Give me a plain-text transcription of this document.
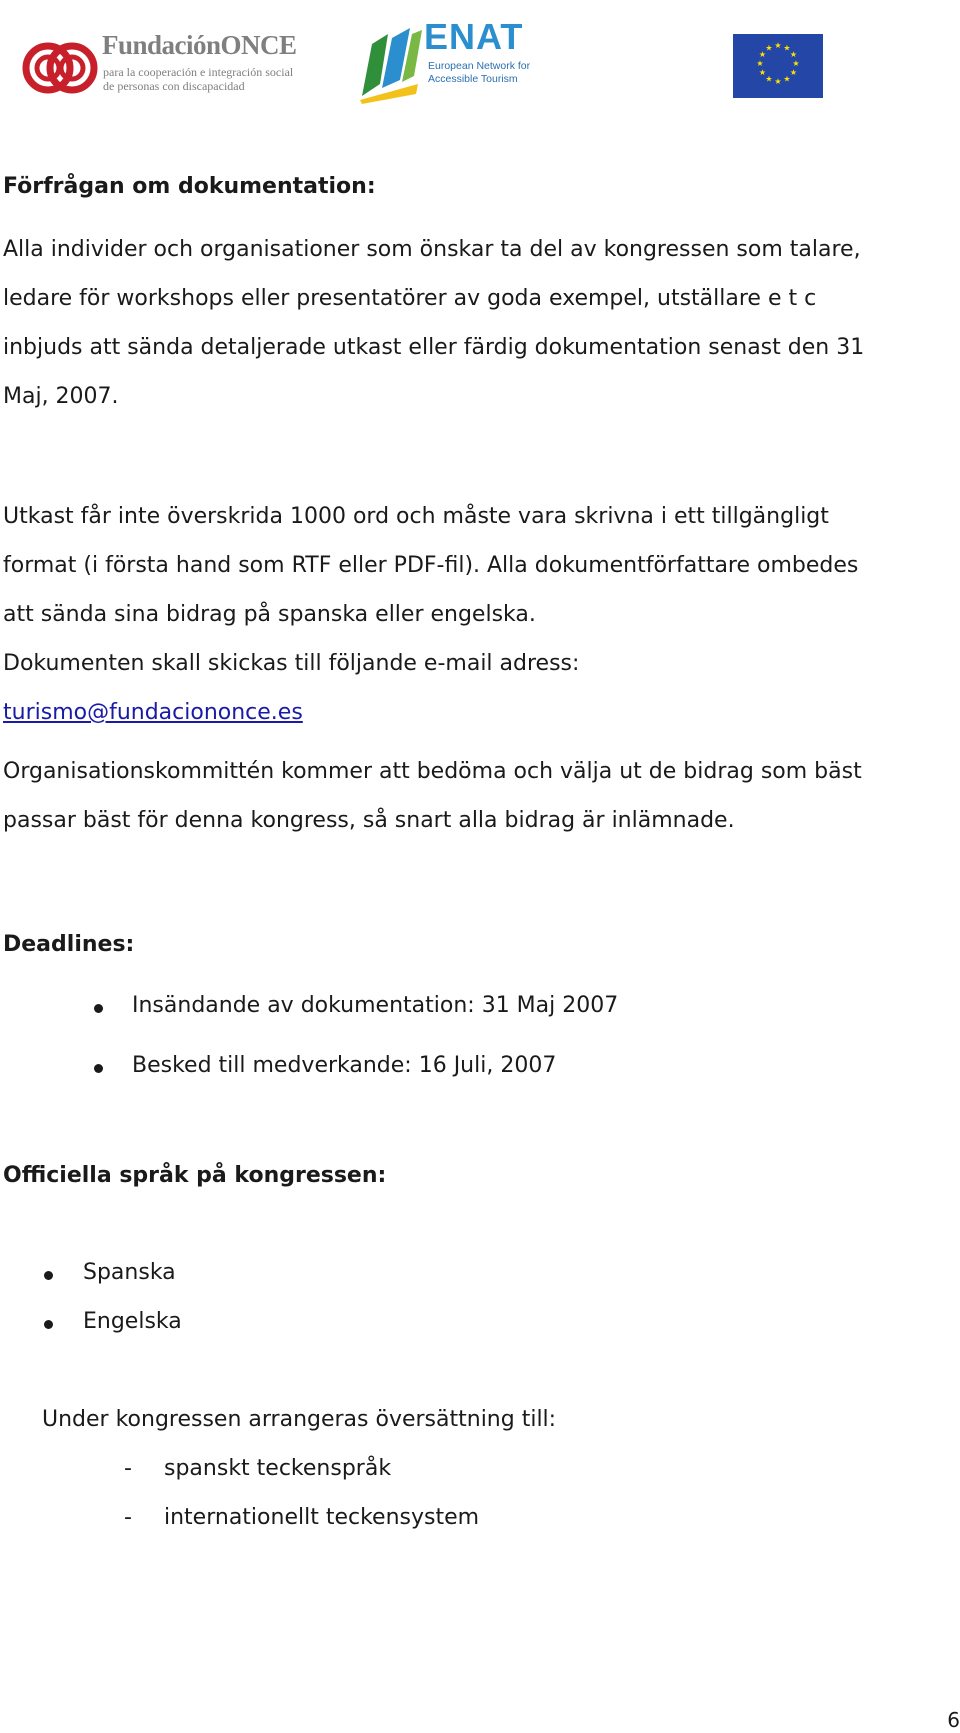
FundaciónONCE
para la cooperación e integración social
de personas con discapacidad
ENAT
European Network for
Accessible Tourism
★ ★
★
★
★
★
★
★
★
★
★
★
Förfrågan om dokumentation:
Alla individer och organisationer som önskar ta del av kongressen som talare,
ledare för workshops eller presentatörer av goda exempel, utställare e t c
inbjuds att sända detaljerade utkast eller färdig dokumentation senast den 31
Maj, 2007.
Utkast får inte överskrida 1000 ord och måste vara skrivna i ett tillgängligt
format (i första hand som RTF eller PDF-fil). Alla dokumentförfattare ombedes
att sända sina bidrag på spanska eller engelska.
Dokumenten skall skickas till följande e-mail adress:
turismo@fundaciononce.es
Organisationskommittén kommer att bedöma och välja ut de bidrag som bäst
passar bäst för denna kongress, så snart alla bidrag är inlämnade.
Deadlines:
Insändande av dokumentation: 31 Maj 2007
Besked till medverkande: 16 Juli, 2007
Officiella språk på kongressen:
Spanska
Engelska
Under kongressen arrangeras översättning till:
- spanskt teckenspråk
- internationellt teckensystem
6
